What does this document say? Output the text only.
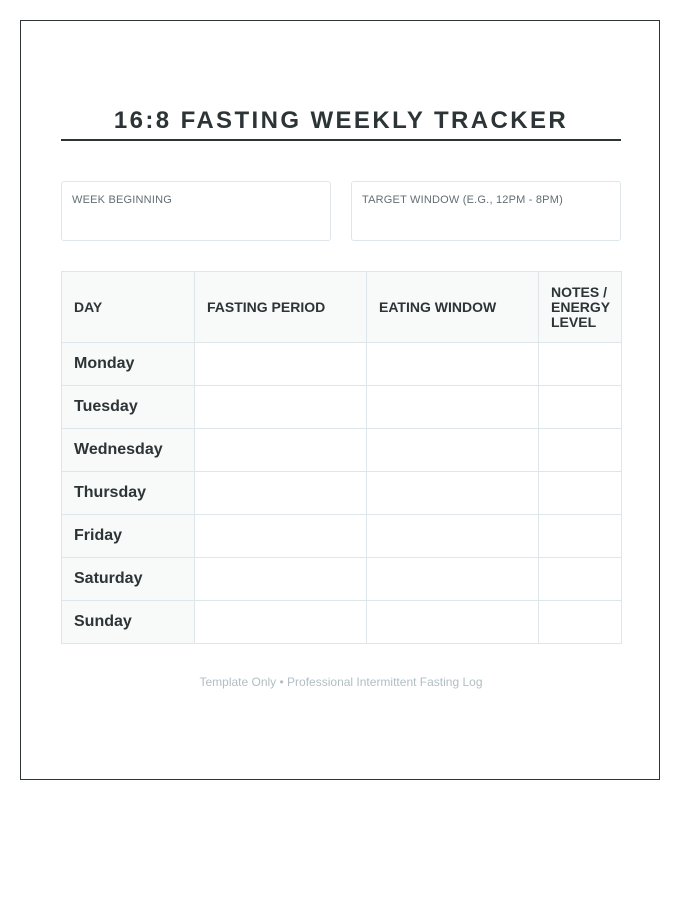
16:8 FASTING WEEKLY TRACKER
WEEK BEGINNING	TARGET WINDOW (E.G., 12PM - 8PM)
DAY	FASTING PERIOD	EATING WINDOW	NOTES / ENERGY LEVEL
Monday			
Tuesday			
Wednesday			
Thursday			
Friday			
Saturday			
Sunday			
Template Only • Professional Intermittent Fasting Log
